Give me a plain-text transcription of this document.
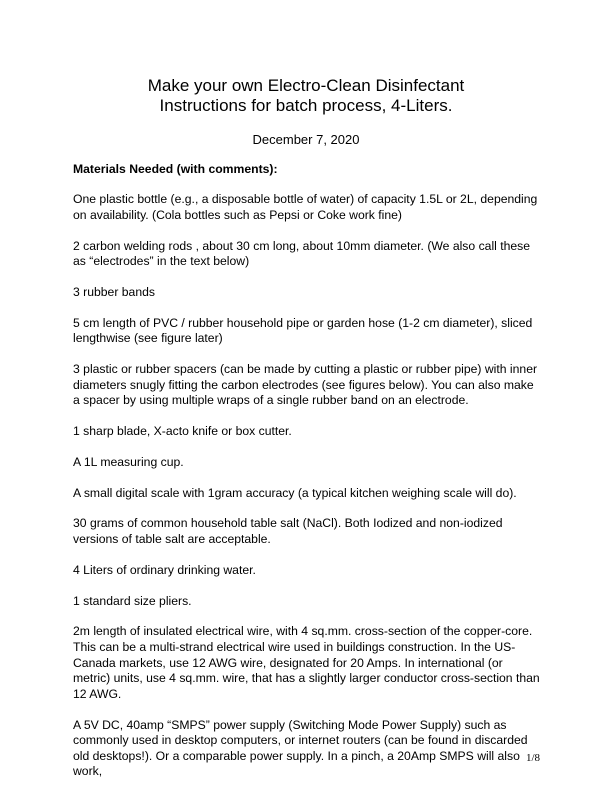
Make your own Electro-Clean Disinfectant
Instructions for batch process, 4-Liters.
December 7, 2020

Materials Needed (with comments):

One plastic bottle (e.g., a disposable bottle of water) of capacity 1.5L or 2L, depending on availability. (Cola bottles such as Pepsi or Coke work fine)

2 carbon welding rods , about 30 cm long, about 10mm diameter. (We also call these as “electrodes” in the text below)

3 rubber bands

5 cm length of PVC / rubber household pipe or garden hose (1-2 cm diameter), sliced lengthwise (see figure later)

3 plastic or rubber spacers (can be made by cutting a plastic or rubber pipe) with inner diameters snugly fitting the carbon electrodes (see figures below). You can also make a spacer by using multiple wraps of a single rubber band on an electrode.

1 sharp blade, X-acto knife or box cutter.

A 1L measuring cup.

A small digital scale with 1gram accuracy (a typical kitchen weighing scale will do).

30 grams of common household table salt (NaCl). Both Iodized and non-iodized versions of table salt are acceptable.

4 Liters of ordinary drinking water.

1 standard size pliers.

2m length of insulated electrical wire, with 4 sq.mm. cross-section of the copper-core. This can be a multi-strand electrical wire used in buildings construction. In the US-Canada markets, use 12 AWG wire, designated for 20 Amps. In international (or metric) units, use 4 sq.mm. wire, that has a slightly larger conductor cross-section than 12 AWG.

A 5V DC, 40amp “SMPS” power supply (Switching Mode Power Supply) such as commonly used in desktop computers, or internet routers (can be found in discarded old desktops!). Or a comparable power supply. In a pinch, a 20Amp SMPS will also work,

1/8
